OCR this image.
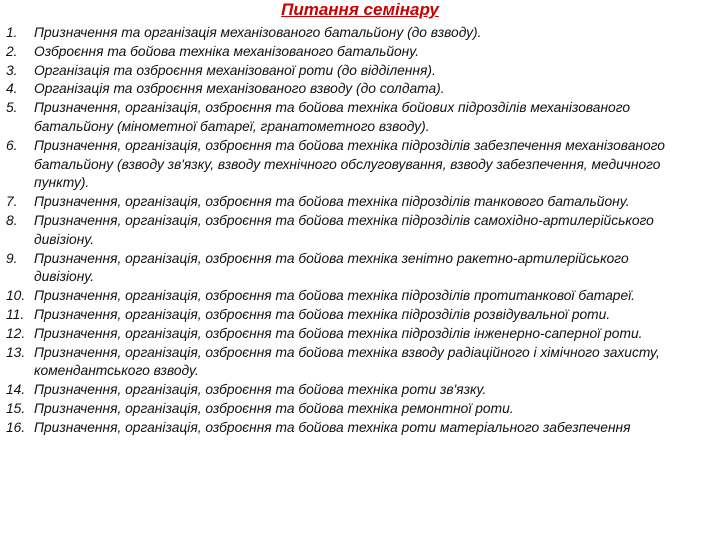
Питання семінару
1.	Призначення та організація механізованого батальйону (до взводу).
2.	Озброєння та бойова техніка механізованого батальйону.
3.	Організація та озброєння механізованої роти (до відділення).
4.	Організація та озброєння механізованого взводу (до солдата).
5.	Призначення, організація, озброєння та бойова техніка бойових підрозділів механізованого батальйону (мінометної батареї, гранатометного взводу).
6.	Призначення, організація, озброєння та бойова техніка підрозділів забезпечення механізованого батальйону (взводу зв'язку, взводу технічного обслуговування, взводу забезпечення, медичного пункту).
7.	Призначення, організація, озброєння та бойова техніка підрозділів танкового батальйону.
8.	Призначення, організація, озброєння та бойова техніка підрозділів самохідно-артилерійського дивізіону.
9.	Призначення, організація, озброєння та бойова техніка зенітно ракетно-артилерійського дивізіону.
10. Призначення, організація, озброєння та бойова техніка підрозділів протитанкової батареї.
11. Призначення, організація, озброєння та бойова техніка підрозділів розвідувальної роти.
12. Призначення, організація, озброєння та бойова техніка підрозділів інженерно-саперної роти.
13. Призначення, організація, озброєння та бойова техніка взводу радіаційного і хімічного захисту, комендантського взводу.
14. Призначення, організація, озброєння та бойова техніка роти зв'язку.
15. Призначення, організація, озброєння та бойова техніка ремонтної роти.
16. Призначення, організація, озброєння та бойова техніка роти матеріального забезпечення
